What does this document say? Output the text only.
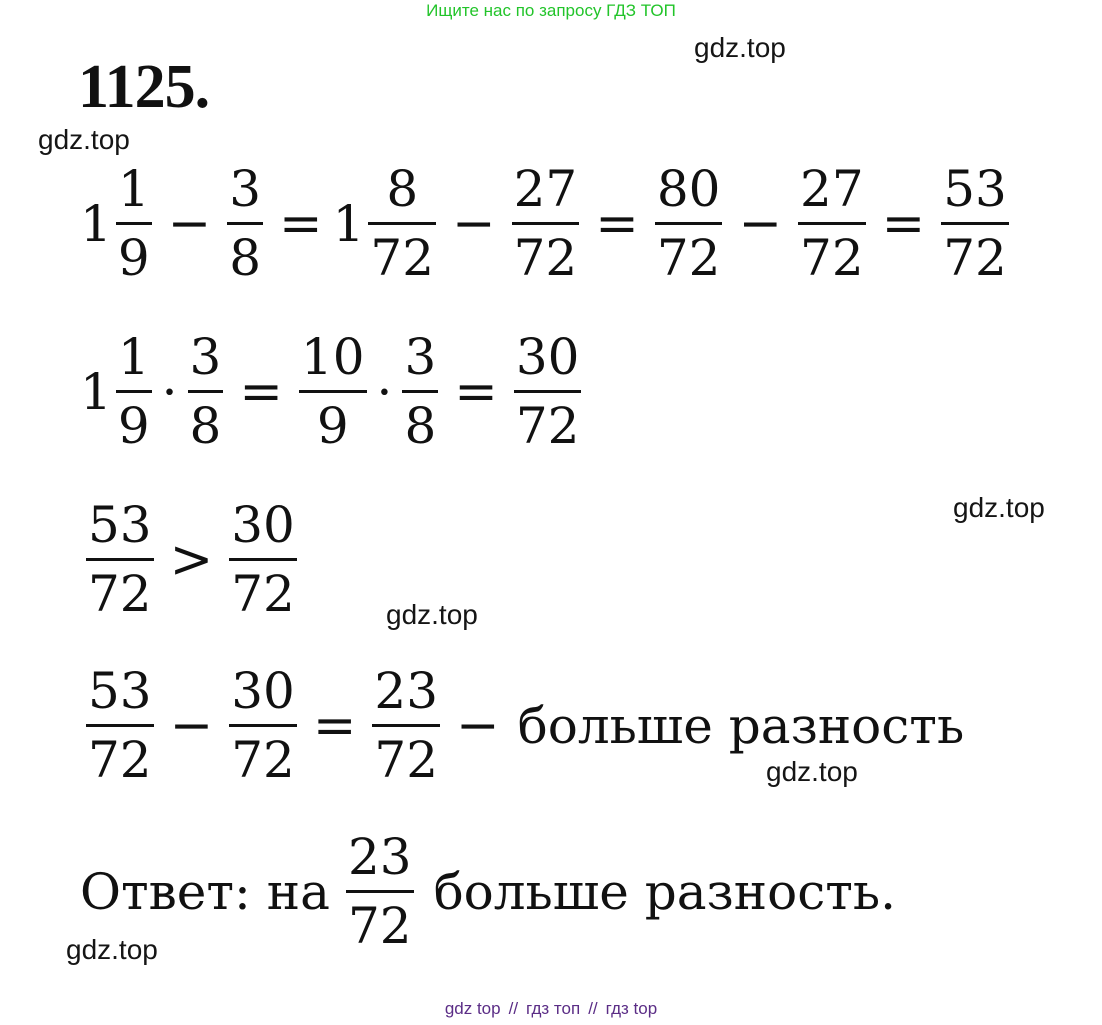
Ищите нас по запросу ГДЗ ТОП
gdz.top
gdz.top
gdz.top
gdz.top
gdz.top
gdz.top
1125.
$1 \frac{1}{9} - \frac{3}{8} = 1 \frac{8}{72} - \frac{27}{72} = \frac{80}{72} - \frac{27}{72} = \frac{53}{72}$
$1 \frac{1}{9} \cdot \frac{3}{8} = \frac{10}{9} \cdot \frac{3}{8} = \frac{30}{72}$
$\frac{53}{72} > \frac{30}{72}$
$\frac{53}{72} - \frac{30}{72} = \frac{23}{72}$ − больше разность
Ответ: на $\frac{23}{72}$ больше разность.
gdz top // гдз топ // гдз top
